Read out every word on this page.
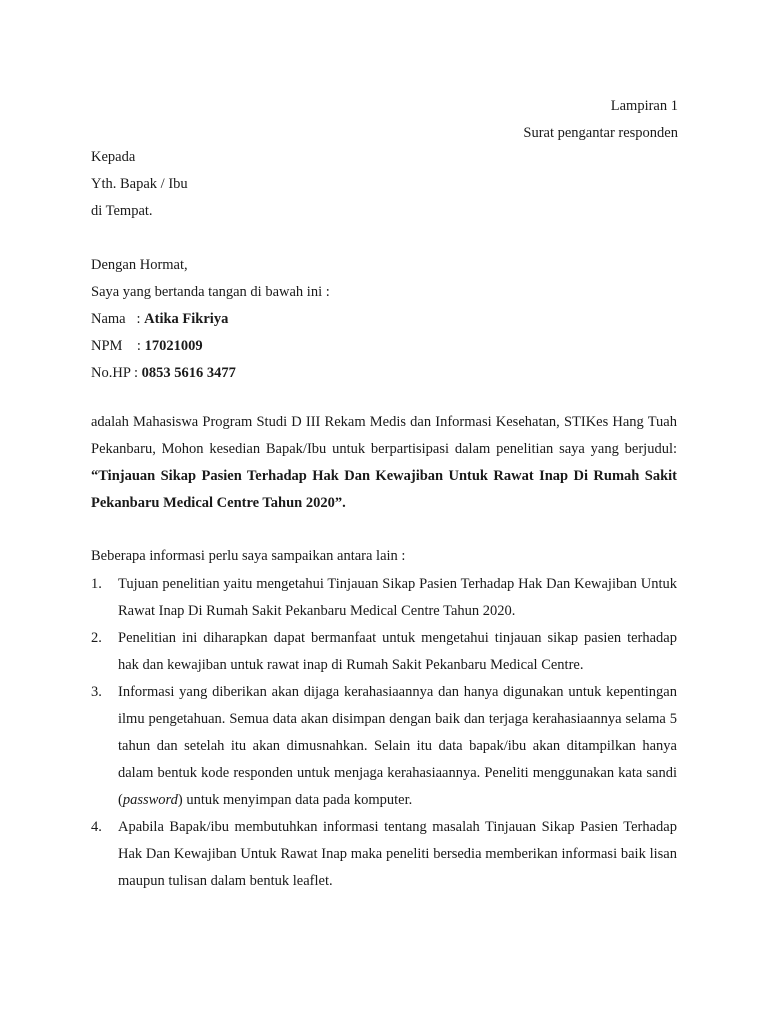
Lampiran 1
Surat pengantar responden
Kepada
Yth. Bapak / Ibu
di Tempat.
Dengan Hormat,
Saya yang bertanda tangan di bawah ini :
Nama   : Atika Fikriya
NPM    : 17021009
No.HP : 0853 5616 3477
adalah Mahasiswa Program Studi D III Rekam Medis dan Informasi Kesehatan, STIKes Hang Tuah Pekanbaru, Mohon kesedian Bapak/Ibu untuk berpartisipasi dalam penelitian saya yang berjudul: “Tinjauan Sikap Pasien Terhadap Hak Dan Kewajiban Untuk Rawat Inap Di Rumah Sakit Pekanbaru Medical Centre Tahun 2020”.
Beberapa informasi perlu saya sampaikan antara lain :
1. Tujuan penelitian yaitu mengetahui Tinjauan Sikap Pasien Terhadap Hak Dan Kewajiban Untuk Rawat Inap Di Rumah Sakit Pekanbaru Medical Centre Tahun 2020.
2. Penelitian ini diharapkan dapat bermanfaat untuk mengetahui tinjauan sikap pasien terhadap hak dan kewajiban untuk rawat inap di Rumah Sakit Pekanbaru Medical Centre.
3. Informasi yang diberikan akan dijaga kerahasiaannya dan hanya digunakan untuk kepentingan ilmu pengetahuan. Semua data akan disimpan dengan baik dan terjaga kerahasiaannya selama 5 tahun dan setelah itu akan dimusnahkan. Selain itu data bapak/ibu akan ditampilkan hanya dalam bentuk kode responden untuk menjaga kerahasiaannya. Peneliti menggunakan kata sandi (password) untuk menyimpan data pada komputer.
4. Apabila Bapak/ibu membutuhkan informasi tentang masalah Tinjauan Sikap Pasien Terhadap Hak Dan Kewajiban Untuk Rawat Inap maka peneliti bersedia memberikan informasi baik lisan maupun tulisan dalam bentuk leaflet.
